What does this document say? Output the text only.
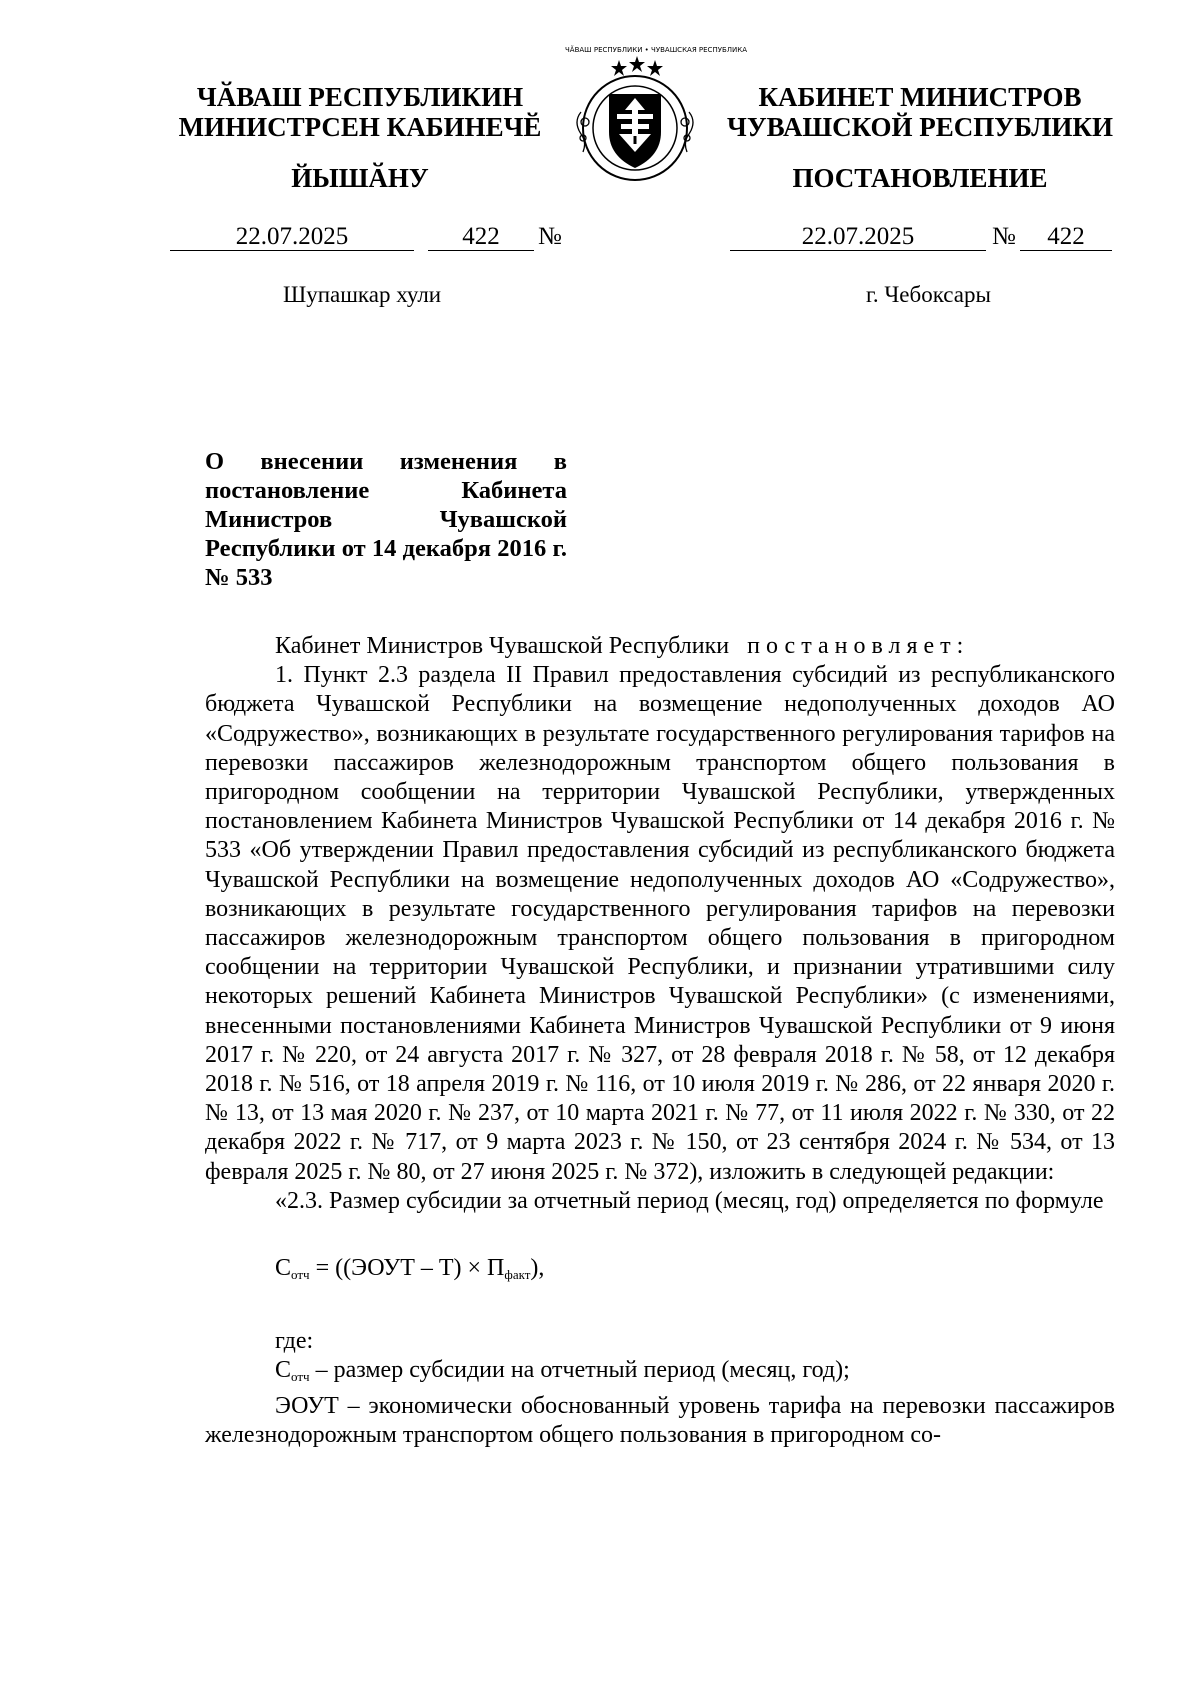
ЧӐВАШ РЕСПУБЛИКИН
МИНИСТРСЕН КАБИНЕЧӖ
ЙЫШӐНУ
22.07.2025	422	№
Шупашкар хули
ЧӐВАШ РЕСПУБЛИКИ • ЧУВАШСКАЯ РЕСПУБЛИКА
КАБИНЕТ МИНИСТРОВ
ЧУВАШСКОЙ РЕСПУБЛИКИ
ПОСТАНОВЛЕНИЕ
22.07.2025	№	422
г. Чебоксары
О внесении изменения в постановление Кабинета Министров Чувашской Республики от 14 декабря 2016 г. № 533

Кабинет Министров Чувашской Республики постановляет:

1. Пункт 2.3 раздела II Правил предоставления субсидий из республиканского бюджета Чувашской Республики на возмещение недополученных доходов АО «Содружество», возникающих в результате государственного регулирования тарифов на перевозки пассажиров железнодорожным транспортом общего пользования в пригородном сообщении на территории Чувашской Республики, утвержденных постановлением Кабинета Министров Чувашской Республики от 14 декабря 2016 г. № 533 «Об утверждении Правил предоставления субсидий из республиканского бюджета Чувашской Республики на возмещение недополученных доходов АО «Содружество», возникающих в результате государственного регулирования тарифов на перевозки пассажиров железнодорожным транспортом общего пользования в пригородном сообщении на территории Чувашской Республики, и признании утратившими силу некоторых решений Кабинета Министров Чувашской Республики» (с изменениями, внесенными постановлениями Кабинета Министров Чувашской Республики от 9 июня 2017 г. № 220, от 24 августа 2017 г. № 327, от 28 февраля 2018 г. № 58, от 12 декабря 2018 г. № 516, от 18 апреля 2019 г. № 116, от 10 июля 2019 г. № 286, от 22 января 2020 г. № 13, от 13 мая 2020 г. № 237, от 10 марта 2021 г. № 77, от 11 июля 2022 г. № 330, от 22 декабря 2022 г. № 717, от 9 марта 2023 г. № 150, от 23 сентября 2024 г. № 534, от 13 февраля 2025 г. № 80, от 27 июня 2025 г. № 372), изложить в следующей редакции:

«2.3. Размер субсидии за отчетный период (месяц, год) определяется по формуле

$С_{отч}$ = ((ЭОУТ – $Т) \times П_{факт}$),

где:

$С_{отч}$ – размер субсидии на отчетный период (месяц, год);

ЭОУТ – экономически обоснованный уровень тарифа на перевозки пассажиров железнодорожным транспортом общего пользования в пригородном со-
